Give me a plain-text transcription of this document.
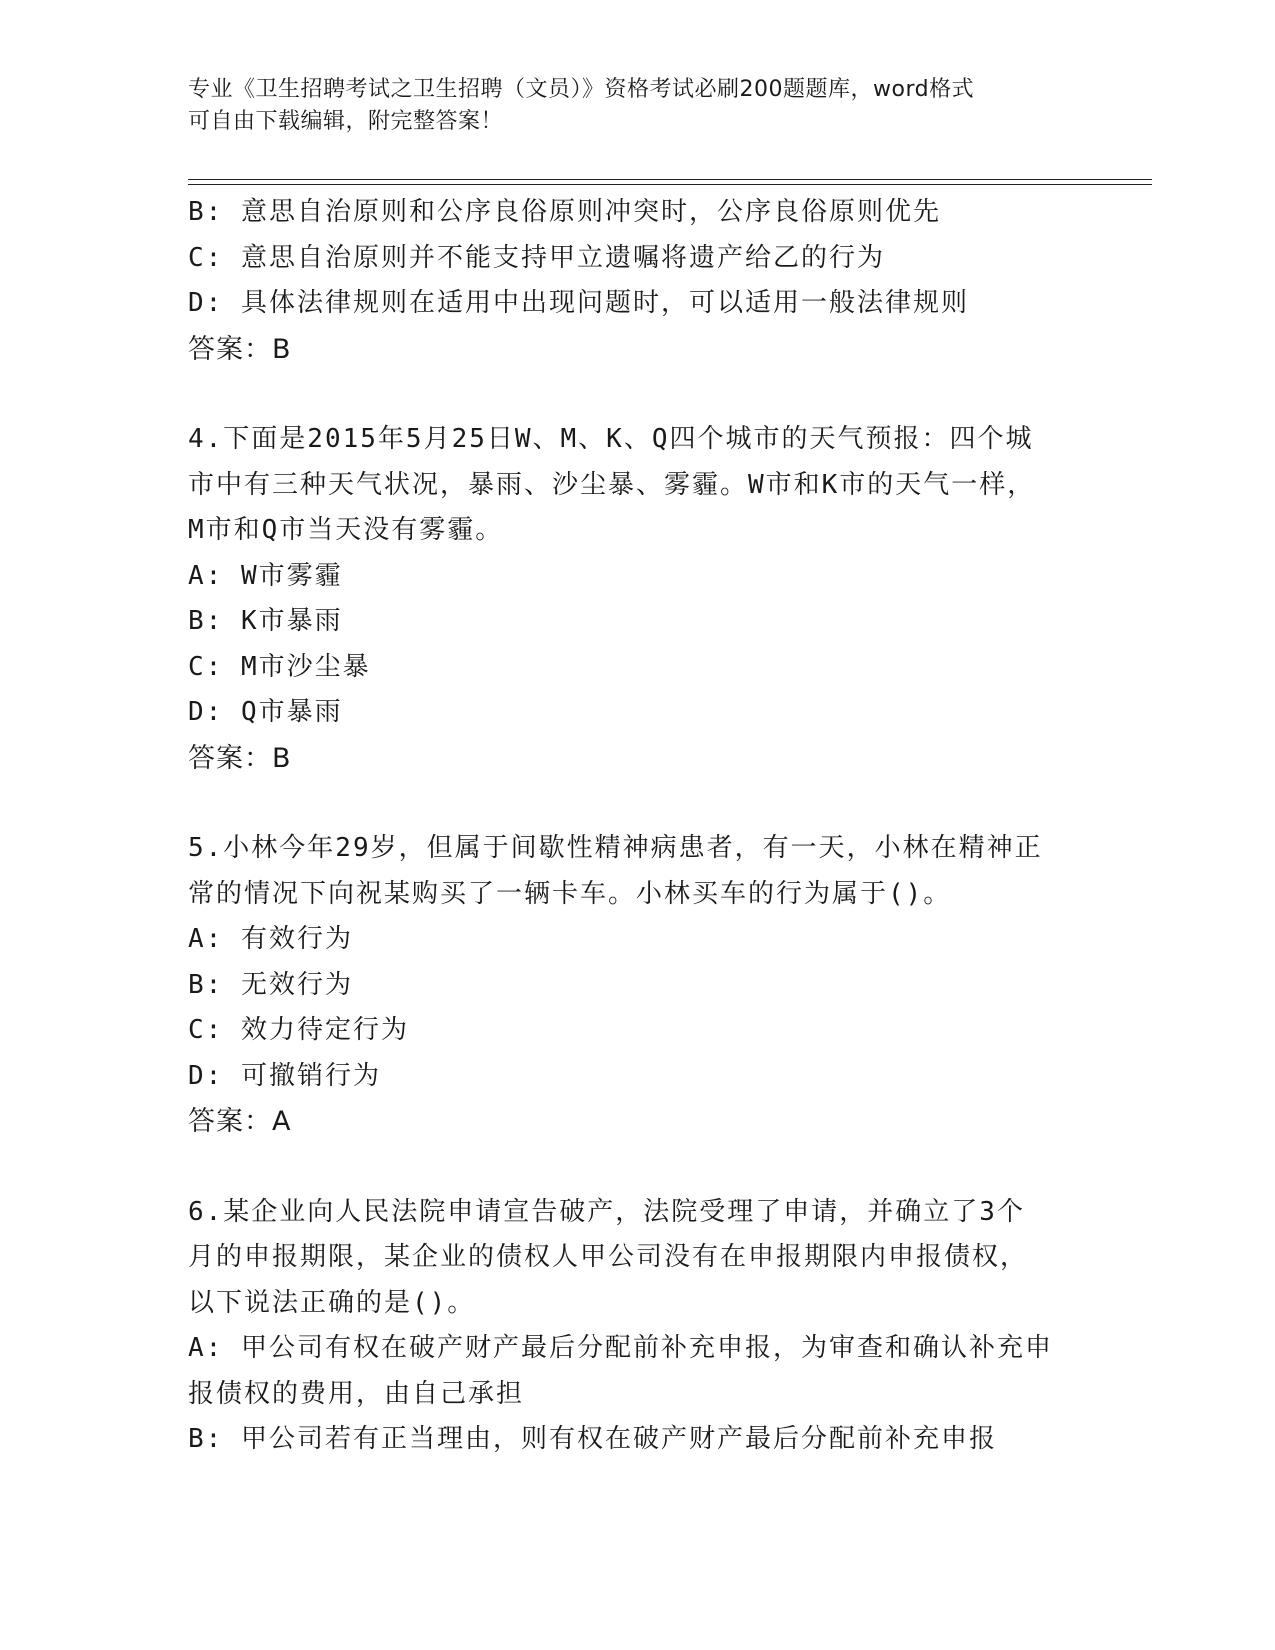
专业《卫生招聘考试之卫生招聘（文员）》资格考试必刷200题题库，word格式
可自由下载编辑，附完整答案！

B: 意思自治原则和公序良俗原则冲突时，公序良俗原则优先

C: 意思自治原则并不能支持甲立遗嘱将遗产给乙的行为

D: 具体法律规则在适用中出现问题时，可以适用一般法律规则

答案：B

4.下面是2015年5月25日W、M、K、Q四个城市的天气预报：四个城

市中有三种天气状况，暴雨、沙尘暴、雾霾。W市和K市的天气一样，

M市和Q市当天没有雾霾。

A: W市雾霾

B: K市暴雨

C: M市沙尘暴

D: Q市暴雨

答案：B

5.小林今年29岁，但属于间歇性精神病患者，有一天，小林在精神正

常的情况下向祝某购买了一辆卡车。小林买车的行为属于()。

A: 有效行为

B: 无效行为

C: 效力待定行为

D: 可撤销行为

答案：A

6.某企业向人民法院申请宣告破产，法院受理了申请，并确立了3个

月的申报期限，某企业的债权人甲公司没有在申报期限内申报债权，

以下说法正确的是()。

A: 甲公司有权在破产财产最后分配前补充申报，为审查和确认补充申

报债权的费用，由自己承担

B: 甲公司若有正当理由，则有权在破产财产最后分配前补充申报
